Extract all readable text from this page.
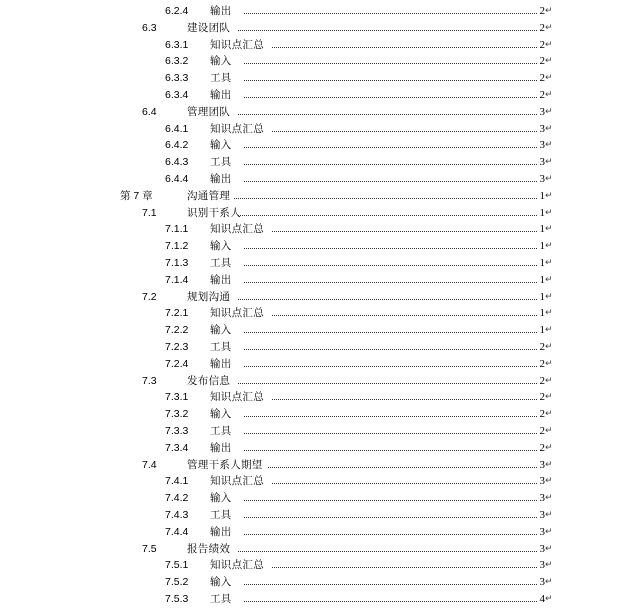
6.2.4 输出	2 ↵
6.3	建设团队	2 ↵
6.3.1 知识点汇总	2 ↵
6.3.2 输入	2 ↵
6.3.3 工具	2 ↵
6.3.4 输出	2 ↵
6.4	管理团队	3 ↵
6.4.1 知识点汇总	3 ↵
6.4.2 输入	3 ↵
6.4.3 工具	3 ↵
6.4.4 输出	3 ↵
第 7 章	沟通管理	1 ↵
7.1	识别干系人	1 ↵
7.1.1 知识点汇总	1 ↵
7.1.2 输入	1 ↵
7.1.3 工具	1 ↵
7.1.4 输出	1 ↵
7.2	规划沟通	1 ↵
7.2.1 知识点汇总	1 ↵
7.2.2 输入	1 ↵
7.2.3 工具	2 ↵
7.2.4 输出	2 ↵
7.3	发布信息	2 ↵
7.3.1 知识点汇总	2 ↵
7.3.2 输入	2 ↵
7.3.3 工具	2 ↵
7.3.4 输出	2 ↵
7.4	管理干系人期望	3 ↵
7.4.1 知识点汇总	3 ↵
7.4.2 输入	3 ↵
7.4.3 工具	3 ↵
7.4.4 输出	3 ↵
7.5	报告绩效	3 ↵
7.5.1 知识点汇总	3 ↵
7.5.2 输入	3 ↵
7.5.3 工具	4 ↵
